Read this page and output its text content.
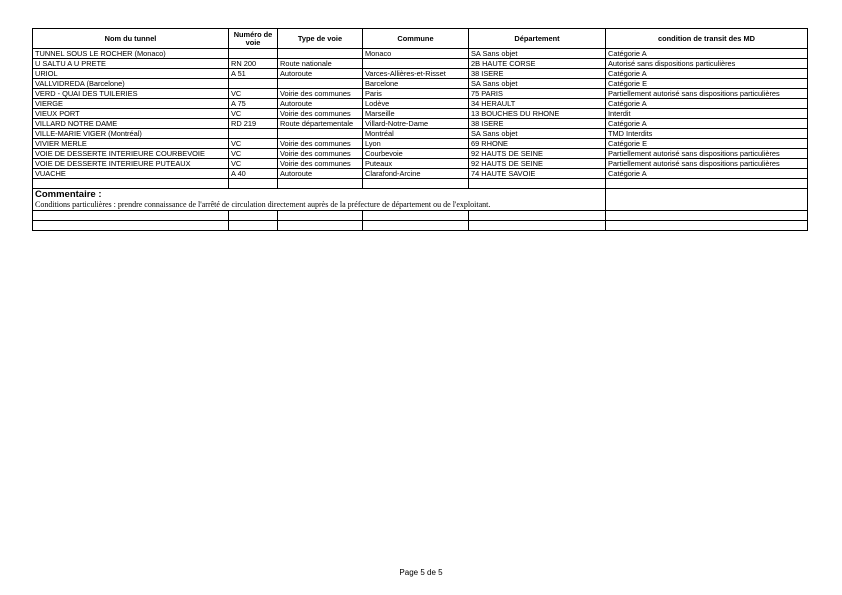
Nom du tunnel	Numéro de voie	Type de voie	Commune	Département	condition de transit des MD
TUNNEL SOUS LE ROCHER (Monaco)			Monaco	SA Sans objet	Catégorie A
U SALTU A U PRETE	RN 200	Route nationale		2B HAUTE CORSE	Autorisé sans dispositions particulières
URIOL	A 51	Autoroute	Varces-Allières-et-Risset	38 ISERE	Catégorie A
VALLVIDREDA (Barcelone)			Barcelone	SA Sans objet	Catégorie E
VERD - QUAI DES TUILERIES	VC	Voirie des communes	Paris	75 PARIS	Partiellement autorisé sans dispositions particulières
VIERGE	A 75	Autoroute	Lodève	34 HERAULT	Catégorie A
VIEUX PORT	VC	Voirie des communes	Marseille	13 BOUCHES DU RHONE	Interdit
VILLARD NOTRE DAME	RD 219	Route départementale	Villard-Notre-Dame	38 ISERE	Catégorie A
VILLE-MARIE VIGER (Montréal)			Montréal	SA Sans objet	TMD Interdits
VIVIER MERLE	VC	Voirie des communes	Lyon	69 RHONE	Catégorie E
VOIE DE DESSERTE INTERIEURE COURBEVOIE	VC	Voirie des communes	Courbevoie	92 HAUTS DE SEINE	Partiellement autorisé sans dispositions particulières
VOIE DE DESSERTE INTERIEURE PUTEAUX	VC	Voirie des communes	Puteaux	92 HAUTS DE SEINE	Partiellement autorisé sans dispositions particulières
VUACHE	A 40	Autoroute	Clarafond-Arcine	74 HAUTE SAVOIE	Catégorie A

Commentaire :
Conditions particulières : prendre connaissance de l'arrêté de circulation directement auprès de la préfecture de département ou de l'exploitant.					

Page 5 de 5
